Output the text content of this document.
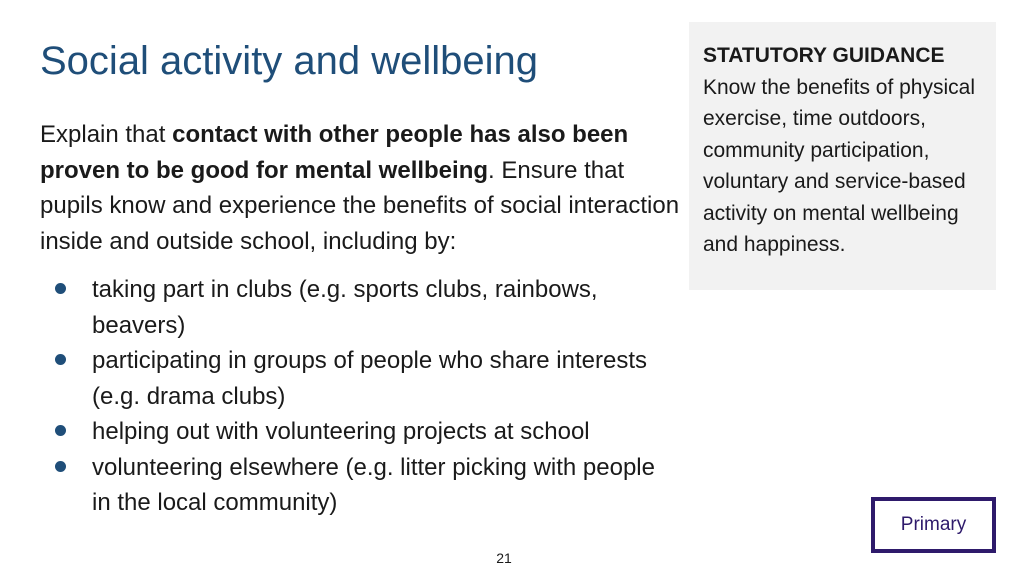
Social activity and wellbeing

Explain that contact with other people has also been proven to be good for mental wellbeing. Ensure that pupils know and experience the benefits of social interaction inside and outside school, including by:

taking part in clubs (e.g. sports clubs, rainbows, beavers)
participating in groups of people who share interests (e.g. drama clubs)
helping out with volunteering projects at school
volunteering elsewhere (e.g. litter picking with people in the local community)
STATUTORY GUIDANCE
Know the benefits of physical exercise, time outdoors, community participation, voluntary and service-based activity on mental wellbeing and happiness.
21
Primary
